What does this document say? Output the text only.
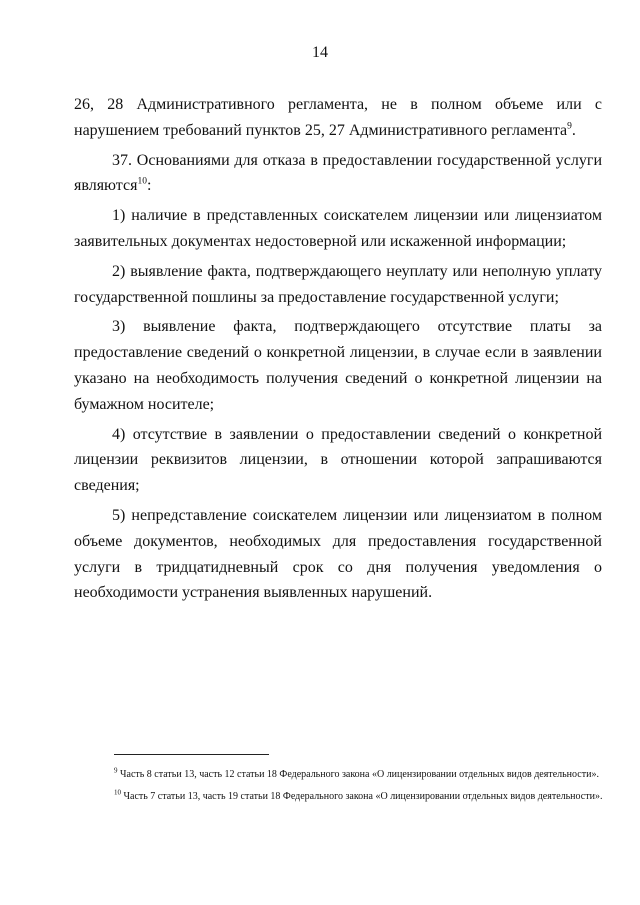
14

26, 28 Административного регламента, не в полном объеме или с нарушением требований пунктов 25, 27 Административного регламента$^9$.

37. Основаниями для отказа в предоставлении государственной услуги являются$^{10}$:

1) наличие в представленных соискателем лицензии или лицензиатом заявительных документах недостоверной или искаженной информации;

2) выявление факта, подтверждающего неуплату или неполную уплату государственной пошлины за предоставление государственной услуги;

3) выявление факта, подтверждающего отсутствие платы за предоставление сведений о конкретной лицензии, в случае если в заявлении указано на необходимость получения сведений о конкретной лицензии на бумажном носителе;

4) отсутствие в заявлении о предоставлении сведений о конкретной лицензии реквизитов лицензии, в отношении которой запрашиваются сведения;

5) непредставление соискателем лицензии или лицензиатом в полном объеме документов, необходимых для предоставления государственной услуги в тридцатидневный срок со дня получения уведомления о необходимости устранения выявленных нарушений.

$^9$ Часть 8 статьи 13, часть 12 статьи 18 Федерального закона «О лицензировании отдельных видов деятельности».

$^{10}$ Часть 7 статьи 13, часть 19 статьи 18 Федерального закона «О лицензировании отдельных видов деятельности».
